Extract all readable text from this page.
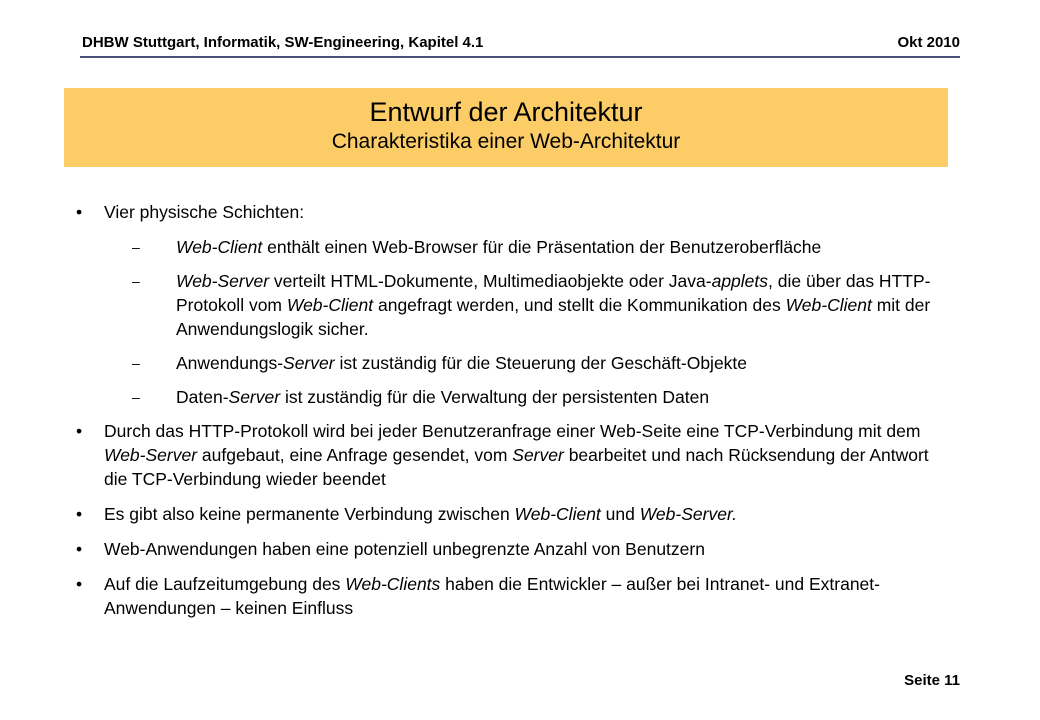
DHBW Stuttgart, Informatik, SW-Engineering, Kapitel 4.1	Okt 2010
Entwurf der Architektur
Charakteristika einer Web-Architektur
• Vier physische Schichten:
– Web-Client enthält einen Web-Browser für die Präsentation der Benutzeroberfläche
– Web-Server verteilt HTML-Dokumente, Multimediaobjekte oder Java-applets, die über das HTTP-Protokoll vom Web-Client angefragt werden, und stellt die Kommunikation des Web-Client mit der Anwendungslogik sicher.
– Anwendungs-Server ist zuständig für die Steuerung der Geschäft-Objekte
– Daten-Server ist zuständig für die Verwaltung der persistenten Daten
• Durch das HTTP-Protokoll wird bei jeder Benutzeranfrage einer Web-Seite eine TCP-Verbindung mit dem Web-Server aufgebaut, eine Anfrage gesendet, vom Server bearbeitet und nach Rücksendung der Antwort die TCP-Verbindung wieder beendet
• Es gibt also keine permanente Verbindung zwischen Web-Client und Web-Server.
• Web-Anwendungen haben eine potenziell unbegrenzte Anzahl von Benutzern
• Auf die Laufzeitumgebung des Web-Clients haben die Entwickler – außer bei Intranet- und Extranet-Anwendungen – keinen Einfluss
Seite 11
